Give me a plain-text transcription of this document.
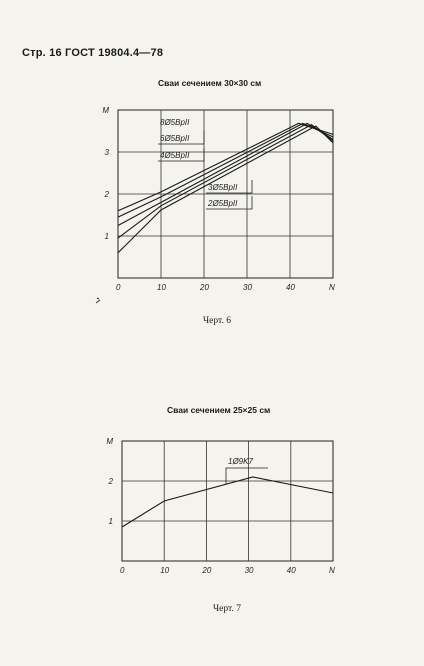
Стр. 16 ГОСТ 19804.4—78
Сваи сечением 30×30 см
Сваи сечением 25×25 см
Черт. 6
Черт. 7
0	10	20	30	40	N
1
2
3
M
8Ø5BpII
6Ø5BpII
4Ø5BpII
3Ø5BpII
2Ø5BpII
0	10	20	30	40	N
1
2
M
1Ø9K7
